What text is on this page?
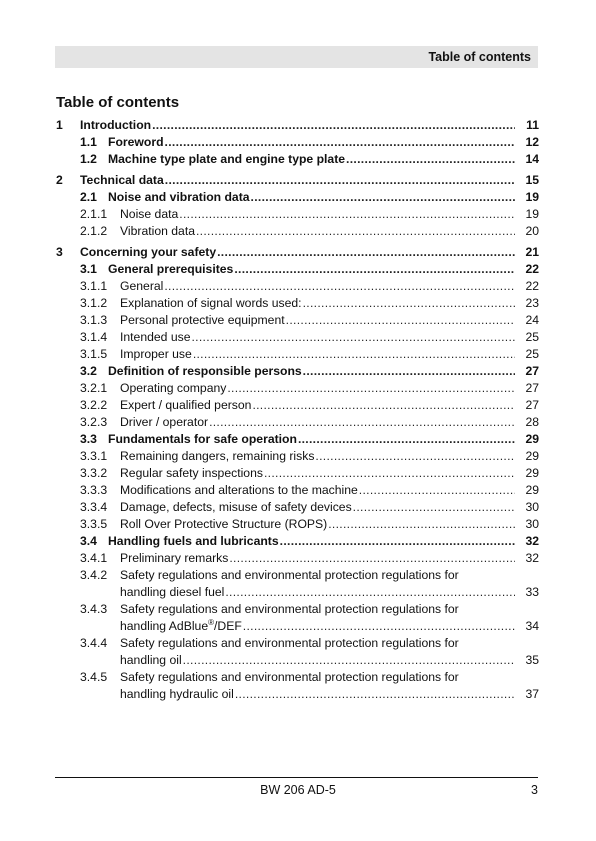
Table of contents
Table of contents
1	Introduction .....	11
1.1 Foreword .....	12
1.2 Machine type plate and engine type plate .....	14
2	Technical data .....	15
2.1 Noise and vibration data .....	19
2.1.1	Noise data .....	19
2.1.2	Vibration data .....	20
3	Concerning your safety .....	21
3.1 General prerequisites .....	22
3.1.1	General .....	22
3.1.2	Explanation of signal words used: .....	23
3.1.3	Personal protective equipment .....	24
3.1.4	Intended use .....	25
3.1.5	Improper use .....	25
3.2 Definition of responsible persons .....	27
3.2.1	Operating company .....	27
3.2.2	Expert / qualified person .....	27
3.2.3	Driver / operator .....	28
3.3 Fundamentals for safe operation .....	29
3.3.1	Remaining dangers, remaining risks .....	29
3.3.2	Regular safety inspections .....	29
3.3.3	Modifications and alterations to the machine .....	29
3.3.4	Damage, defects, misuse of safety devices .....	30
3.3.5	Roll Over Protective Structure (ROPS) .....	30
3.4 Handling fuels and lubricants .....	32
3.4.1	Preliminary remarks .....	32
3.4.2 Safety regulations and environmental protection regulations for
handling diesel fuel .....	33
3.4.3 Safety regulations and environmental protection regulations for
handling AdBlue®/DEF .....	34
3.4.4 Safety regulations and environmental protection regulations for
handling oil .....	35
3.4.5 Safety regulations and environmental protection regulations for
handling hydraulic oil .....	37
BW 206 AD-5	3
